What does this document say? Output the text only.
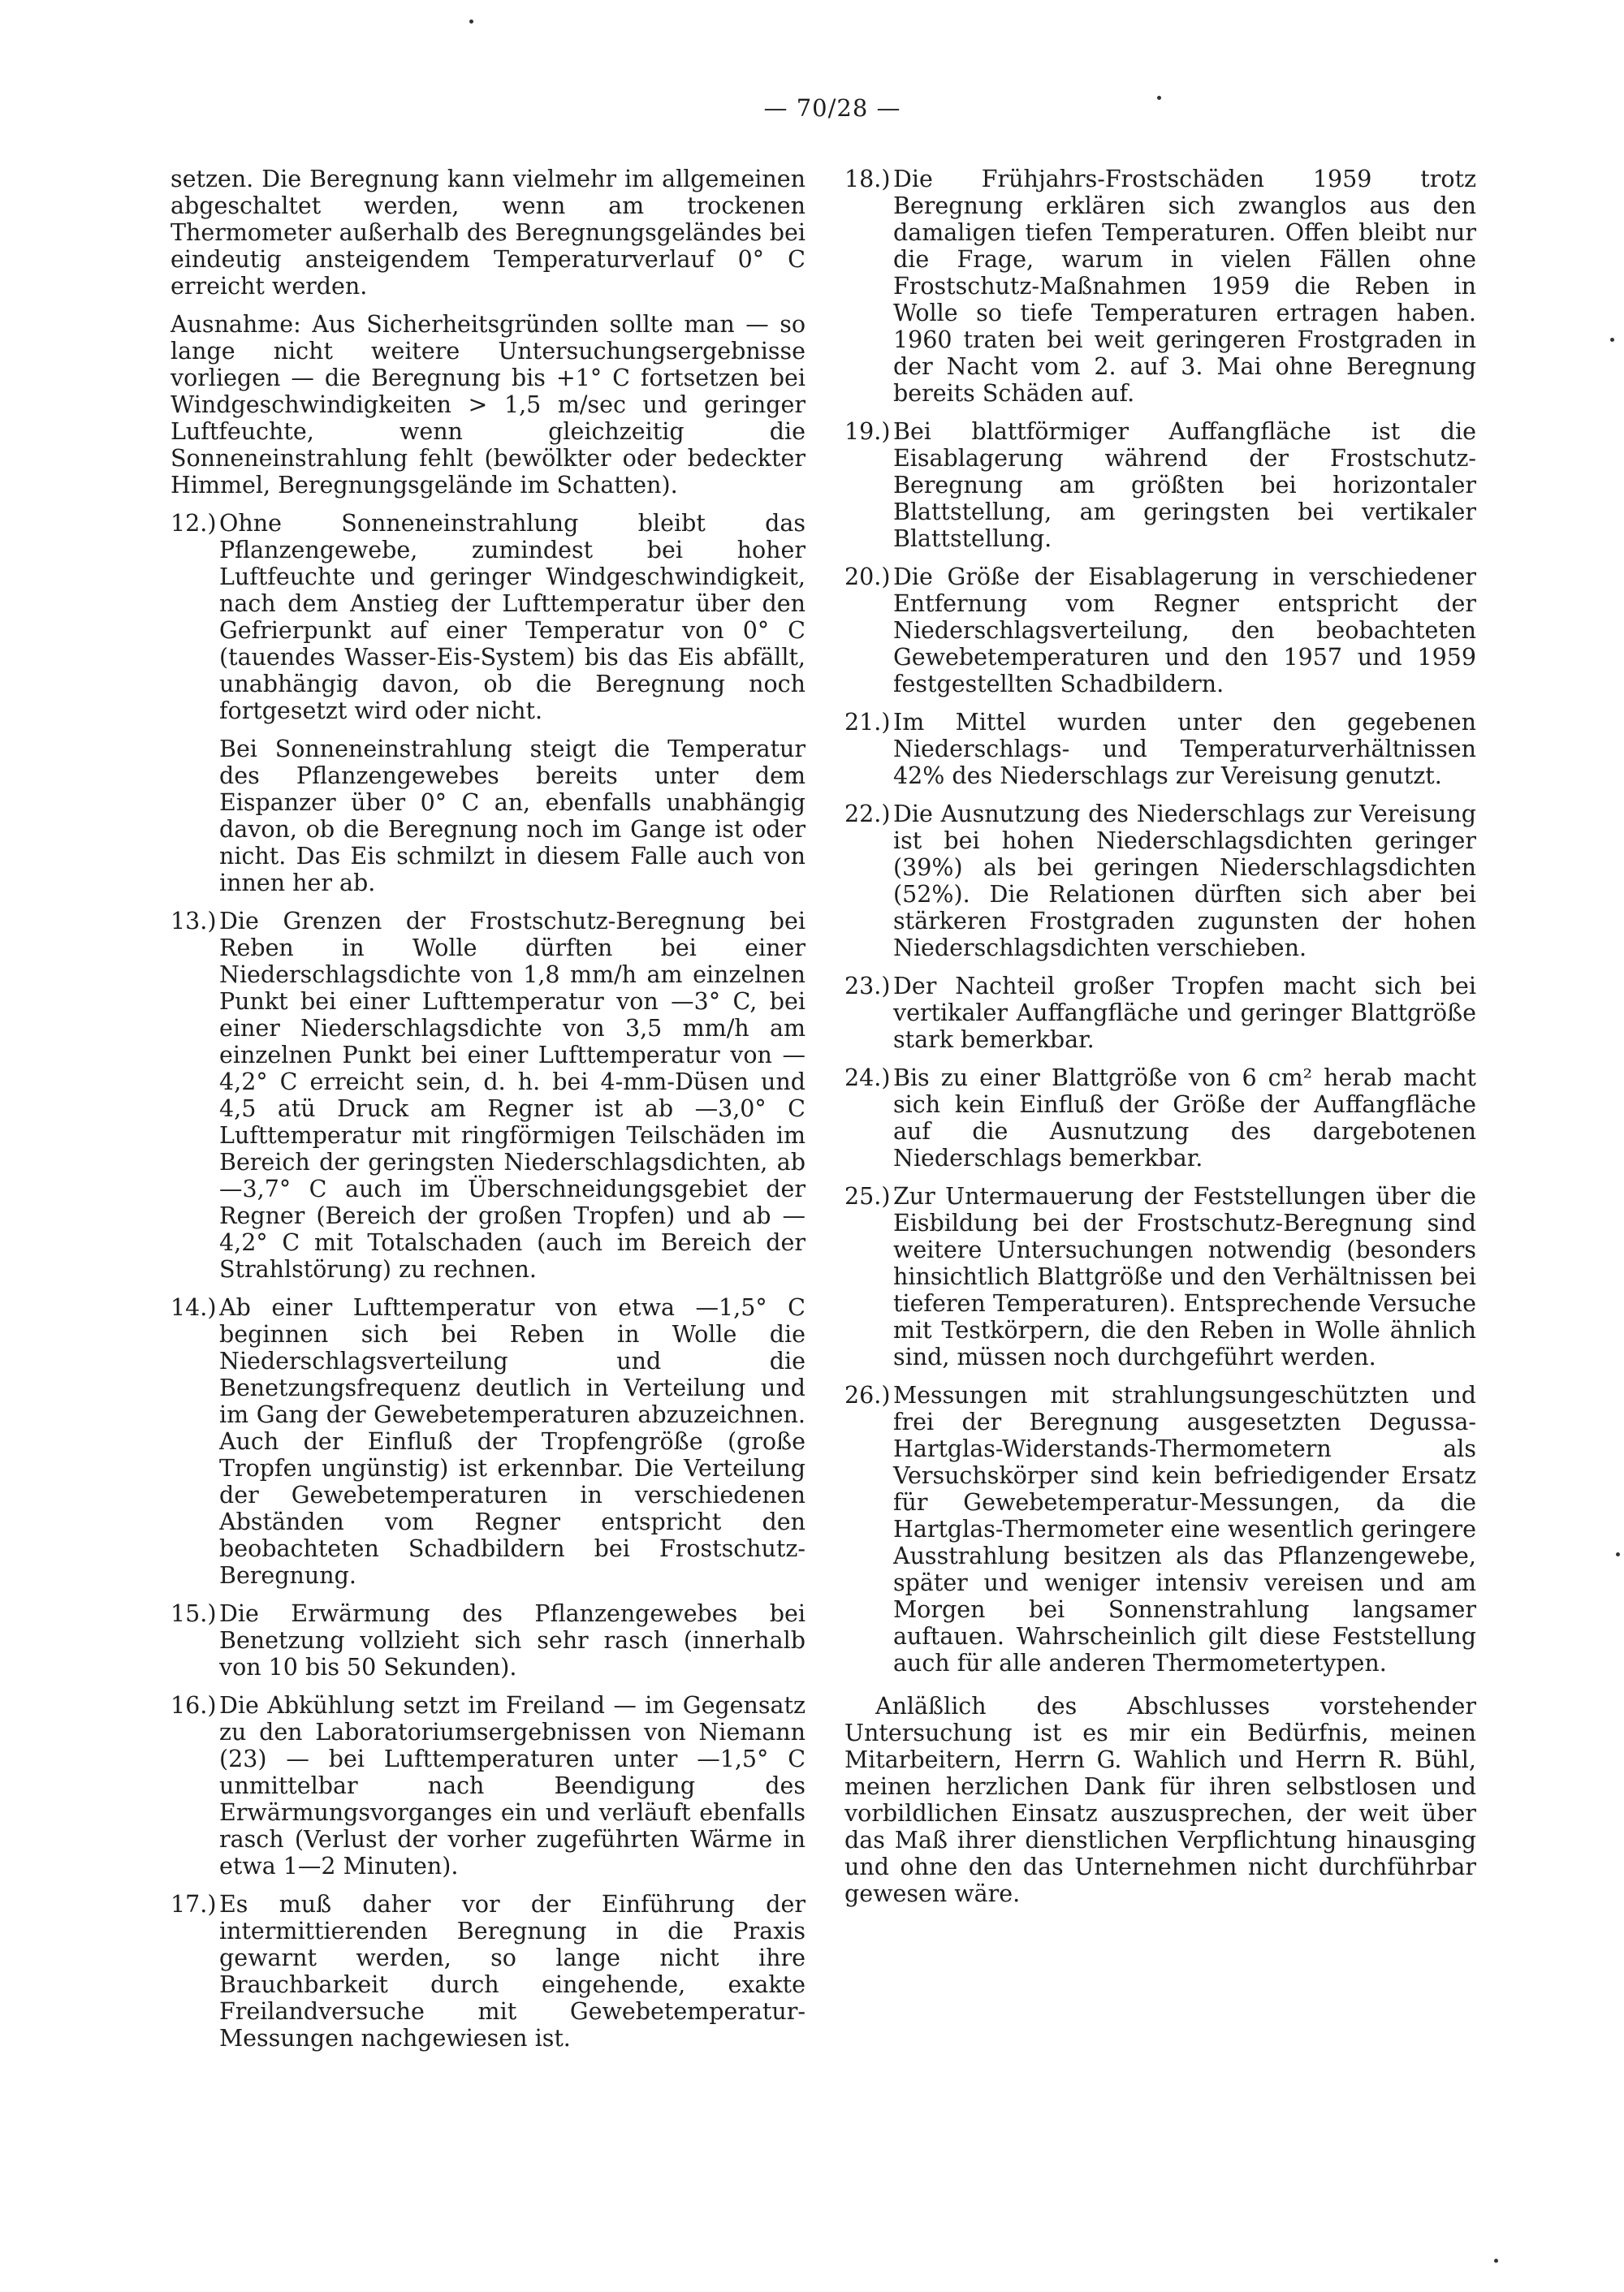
— 70/28 —

setzen. Die Beregnung kann vielmehr im allgemeinen abgeschaltet werden, wenn am trockenen Thermometer außerhalb des Beregnungsgeländes bei eindeutig ansteigendem Temperaturverlauf 0° C erreicht werden.

Ausnahme: Aus Sicherheitsgründen sollte man — so lange nicht weitere Untersuchungsergebnisse vorliegen — die Beregnung bis +1° C fortsetzen bei Windgeschwindigkeiten > 1,5 m/sec und geringer Luftfeuchte, wenn gleichzeitig die Sonneneinstrahlung fehlt (bewölkter oder bedeckter Himmel, Beregnungsgelände im Schatten).

12.) Ohne Sonneneinstrahlung bleibt das Pflanzengewebe, zumindest bei hoher Luftfeuchte und geringer Windgeschwindigkeit, nach dem Anstieg der Lufttemperatur über den Gefrierpunkt auf einer Temperatur von 0° C (tauendes Wasser-Eis-System) bis das Eis abfällt, unabhängig davon, ob die Beregnung noch fortgesetzt wird oder nicht.
Bei Sonneneinstrahlung steigt die Temperatur des Pflanzengewebes bereits unter dem Eispanzer über 0° C an, ebenfalls unabhängig davon, ob die Beregnung noch im Gange ist oder nicht. Das Eis schmilzt in diesem Falle auch von innen her ab.
13.) Die Grenzen der Frostschutz-Beregnung bei Reben in Wolle dürften bei einer Niederschlagsdichte von 1,8 mm/h am einzelnen Punkt bei einer Lufttemperatur von —3° C, bei einer Niederschlagsdichte von 3,5 mm/h am einzelnen Punkt bei einer Lufttemperatur von —4,2° C erreicht sein, d. h. bei 4-mm-Düsen und 4,5 atü Druck am Regner ist ab —3,0° C Lufttemperatur mit ringförmigen Teilschäden im Bereich der geringsten Niederschlagsdichten, ab —3,7° C auch im Überschneidungsgebiet der Regner (Bereich der großen Tropfen) und ab —4,2° C mit Totalschaden (auch im Bereich der Strahlstörung) zu rechnen.
14.) Ab einer Lufttemperatur von etwa —1,5° C beginnen sich bei Reben in Wolle die Niederschlagsverteilung und die Benetzungsfrequenz deutlich in Verteilung und im Gang der Gewebetemperaturen abzuzeichnen. Auch der Einfluß der Tropfengröße (große Tropfen ungünstig) ist erkennbar. Die Verteilung der Gewebetemperaturen in verschiedenen Abständen vom Regner entspricht den beobachteten Schadbildern bei Frostschutz-Beregnung.
15.) Die Erwärmung des Pflanzengewebes bei Benetzung vollzieht sich sehr rasch (innerhalb von 10 bis 50 Sekunden).
16.) Die Abkühlung setzt im Freiland — im Gegensatz zu den Laboratoriumsergebnissen von Niemann (23) — bei Lufttemperaturen unter —1,5° C unmittelbar nach Beendigung des Erwärmungsvorganges ein und verläuft ebenfalls rasch (Verlust der vorher zugeführten Wärme in etwa 1—2 Minuten).
17.) Es muß daher vor der Einführung der intermittierenden Beregnung in die Praxis gewarnt werden, so lange nicht ihre Brauchbarkeit durch eingehende, exakte Freilandversuche mit Gewebetemperatur-Messungen nachgewiesen ist.
18.) Die Frühjahrs-Frostschäden 1959 trotz Beregnung erklären sich zwanglos aus den damaligen tiefen Temperaturen. Offen bleibt nur die Frage, warum in vielen Fällen ohne Frostschutz-Maßnahmen 1959 die Reben in Wolle so tiefe Temperaturen ertragen haben. 1960 traten bei weit geringeren Frostgraden in der Nacht vom 2. auf 3. Mai ohne Beregnung bereits Schäden auf.
19.) Bei blattförmiger Auffangfläche ist die Eisablagerung während der Frostschutz-Beregnung am größten bei horizontaler Blattstellung, am geringsten bei vertikaler Blattstellung.
20.) Die Größe der Eisablagerung in verschiedener Entfernung vom Regner entspricht der Niederschlagsverteilung, den beobachteten Gewebetemperaturen und den 1957 und 1959 festgestellten Schadbildern.
21.) Im Mittel wurden unter den gegebenen Niederschlags- und Temperaturverhältnissen 42% des Niederschlags zur Vereisung genutzt.
22.) Die Ausnutzung des Niederschlags zur Vereisung ist bei hohen Niederschlagsdichten geringer (39%) als bei geringen Niederschlagsdichten (52%). Die Relationen dürften sich aber bei stärkeren Frostgraden zugunsten der hohen Niederschlagsdichten verschieben.
23.) Der Nachteil großer Tropfen macht sich bei vertikaler Auffangfläche und geringer Blattgröße stark bemerkbar.
24.) Bis zu einer Blattgröße von 6 cm² herab macht sich kein Einfluß der Größe der Auffangfläche auf die Ausnutzung des dargebotenen Niederschlags bemerkbar.
25.) Zur Untermauerung der Feststellungen über die Eisbildung bei der Frostschutz-Beregnung sind weitere Untersuchungen notwendig (besonders hinsichtlich Blattgröße und den Verhältnissen bei tieferen Temperaturen). Entsprechende Versuche mit Testkörpern, die den Reben in Wolle ähnlich sind, müssen noch durchgeführt werden.
26.) Messungen mit strahlungsungeschützten und frei der Beregnung ausgesetzten Degussa-Hartglas-Widerstands-Thermometern als Versuchskörper sind kein befriedigender Ersatz für Gewebetemperatur-Messungen, da die Hartglas-Thermometer eine wesentlich geringere Ausstrahlung besitzen als das Pflanzengewebe, später und weniger intensiv vereisen und am Morgen bei Sonnenstrahlung langsamer auftauen. Wahrscheinlich gilt diese Feststellung auch für alle anderen Thermometertypen.

Anläßlich des Abschlusses vorstehender Untersuchung ist es mir ein Bedürfnis, meinen Mitarbeitern, Herrn G. Wahlich und Herrn R. Bühl, meinen herzlichen Dank für ihren selbstlosen und vorbildlichen Einsatz auszusprechen, der weit über das Maß ihrer dienstlichen Verpflichtung hinausging und ohne den das Unternehmen nicht durchführbar gewesen wäre.
